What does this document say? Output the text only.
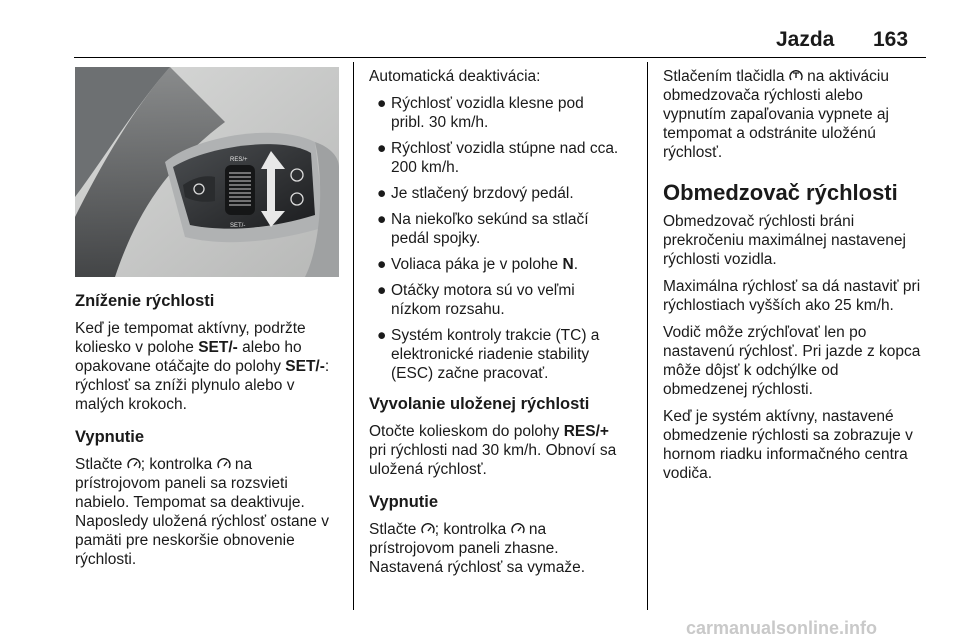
Jazda 163
RES/+
SET/-
Zníženie rýchlosti

Keď je tempomat aktívny, podržte
koliesko v polohe SET/- alebo ho
opakovane otáčajte do polohy SET/-:
rýchlosť sa zníži plynulo alebo v
malých krokoch.

Vypnutie

Stlačte ; kontrolka  na
prístrojovom paneli sa rozsvieti
nabielo. Tempomat sa deaktivuje.
Naposledy uložená rýchlosť ostane v
pamäti pre neskoršie obnovenie
rýchlosti.

Automatická deaktivácia:

● Rýchlosť vozidla klesne pod
pribl. 30 km/h.
● Rýchlosť vozidla stúpne nad cca.
200 km/h.
● Je stlačený brzdový pedál.
● Na niekoľko sekúnd sa stlačí
pedál spojky.
● Voliaca páka je v polohe N.
● Otáčky motora sú vo veľmi
nízkom rozsahu.
● Systém kontroly trakcie (TC) a
elektronické riadenie stability
(ESC) začne pracovať.
Vyvolanie uloženej rýchlosti

Otočte kolieskom do polohy RES/+
pri rýchlosti nad 30 km/h. Obnoví sa
uložená rýchlosť.

Vypnutie

Stlačte ; kontrolka  na
prístrojovom paneli zhasne.
Nastavená rýchlosť sa vymaže.

Stlačením tlačidla  na aktiváciu
obmedzovača rýchlosti alebo
vypnutím zapaľovania vypnete aj
tempomat a odstránite uložénú
rýchlosť.

Obmedzovač rýchlosti

Obmedzovač rýchlosti bráni
prekročeniu maximálnej nastavenej
rýchlosti vozidla.

Maximálna rýchlosť sa dá nastaviť pri
rýchlostiach vyšších ako 25 km/h.

Vodič môže zrýchľovať len po
nastavenú rýchlosť. Pri jazde z kopca
môže dôjsť k odchýlke od
obmedzenej rýchlosti.

Keď je systém aktívny, nastavené
obmedzenie rýchlosti sa zobrazuje v
hornom riadku informačného centra
vodiča.

carmanualsonline.info
